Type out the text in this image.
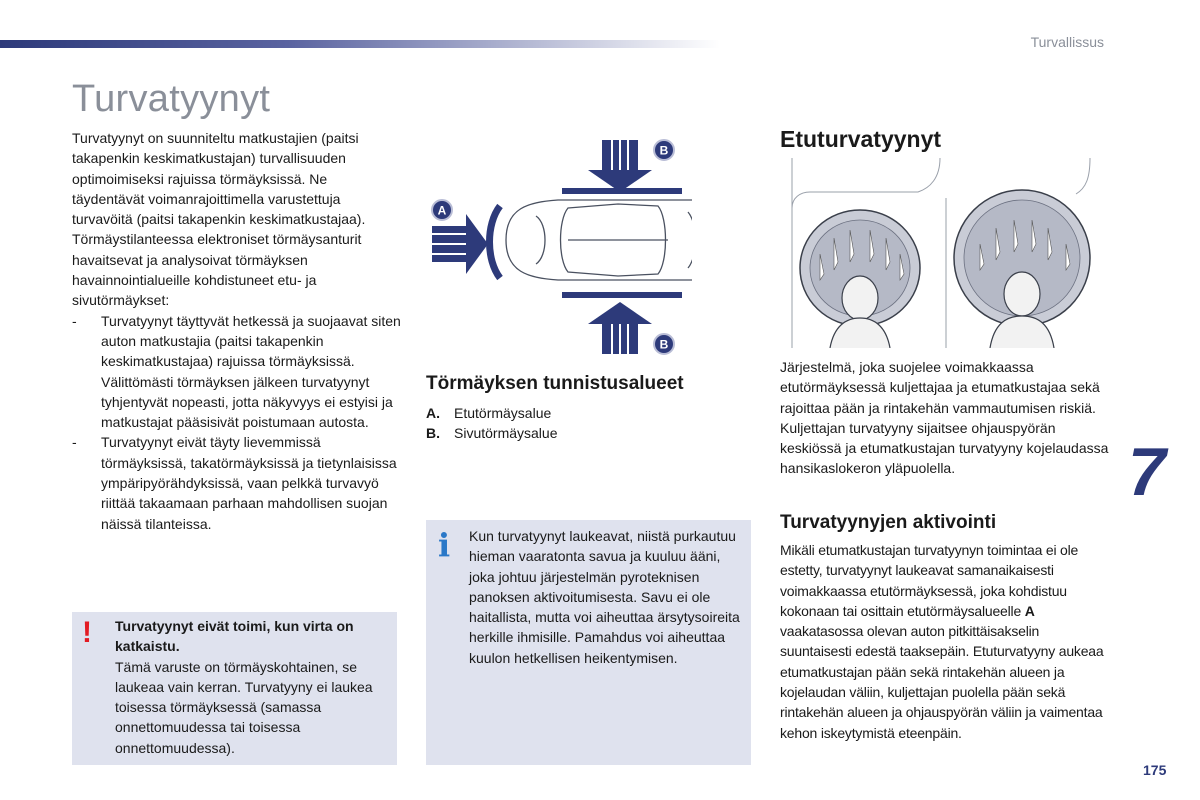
Turvallissus
Turvatyynyt
Turvatyynyt on suunniteltu matkustajien (paitsi takapenkin keskimatkustajan) turvallisuuden optimoimiseksi rajuissa törmäyksissä. Ne täydentävät voimanrajoittimella varustettuja turvavöitä (paitsi takapenkin keskimatkustajaa). Törmäystilanteessa elektroniset törmäysanturit havaitsevat ja analysoivat törmäyksen havainnointialueille kohdistuneet etu- ja sivutörmäykset:
- Turvatyynyt täyttyvät hetkessä ja suojaavat siten auton matkustajia (paitsi takapenkin keskimatkustajaa) rajuissa törmäyksissä. Välittömästi törmäyksen jälkeen turvatyynyt tyhjentyvät nopeasti, jotta näkyvyys ei estyisi ja matkustajat pääsisivät poistumaan autosta.
- Turvatyynyt eivät täyty lievemmissä törmäyksissä, takatörmäyksissä ja tietynlaisissa ympäripyörähdyksissä, vaan pelkkä turvavyö riittää takaamaan parhaan mahdollisen suojan näissä tilanteissa.
! Turvatyynyt eivät toimi, kun virta on katkaistu.
Tämä varuste on törmäyskohtainen, se laukeaa vain kerran. Turvatyyny ei laukea toisessa törmäyksessä (samassa onnettomuudessa tai toisessa onnettomuudessa).
A
B
B
Törmäyksen tunnistusalueet
A. Etutörmäysalue
B. Sivutörmäysalue
i Kun turvatyynyt laukeavat, niistä purkautuu hieman vaaratonta savua ja kuuluu ääni, joka johtuu järjestelmän pyroteknisen panoksen aktivoitumisesta. Savu ei ole haitallista, mutta voi aiheuttaa ärsytysoireita herkille ihmisille. Pamahdus voi aiheuttaa kuulon hetkellisen heikentymisen.
Etuturvatyynyt
Järjestelmä, joka suojelee voimakkaassa etutörmäyksessä kuljettajaa ja etumatkustajaa sekä rajoittaa pään ja rintakehän vammautumisen riskiä. Kuljettajan turvatyyny sijaitsee ohjauspyörän keskiössä ja etumatkustajan turvatyyny kojelaudassa hansikaslokeron yläpuolella.
Turvatyynyjen aktivointi
Mikäli etumatkustajan turvatyynyn toimintaa ei ole estetty, turvatyynyt laukeavat samanaikaisesti voimakkaassa etutörmäyksessä, joka kohdistuu kokonaan tai osittain etutörmäysalueelle A vaakatasossa olevan auton pitkittäisakselin suuntaisesti edestä taaksepäin. Etuturvatyyny aukeaa etumatkustajan pään sekä rintakehän alueen ja kojelaudan väliin, kuljettajan puolella pään sekä rintakehän alueen ja ohjauspyörän väliin ja vaimentaa kehon iskeytymistä eteenpäin.
7
175
